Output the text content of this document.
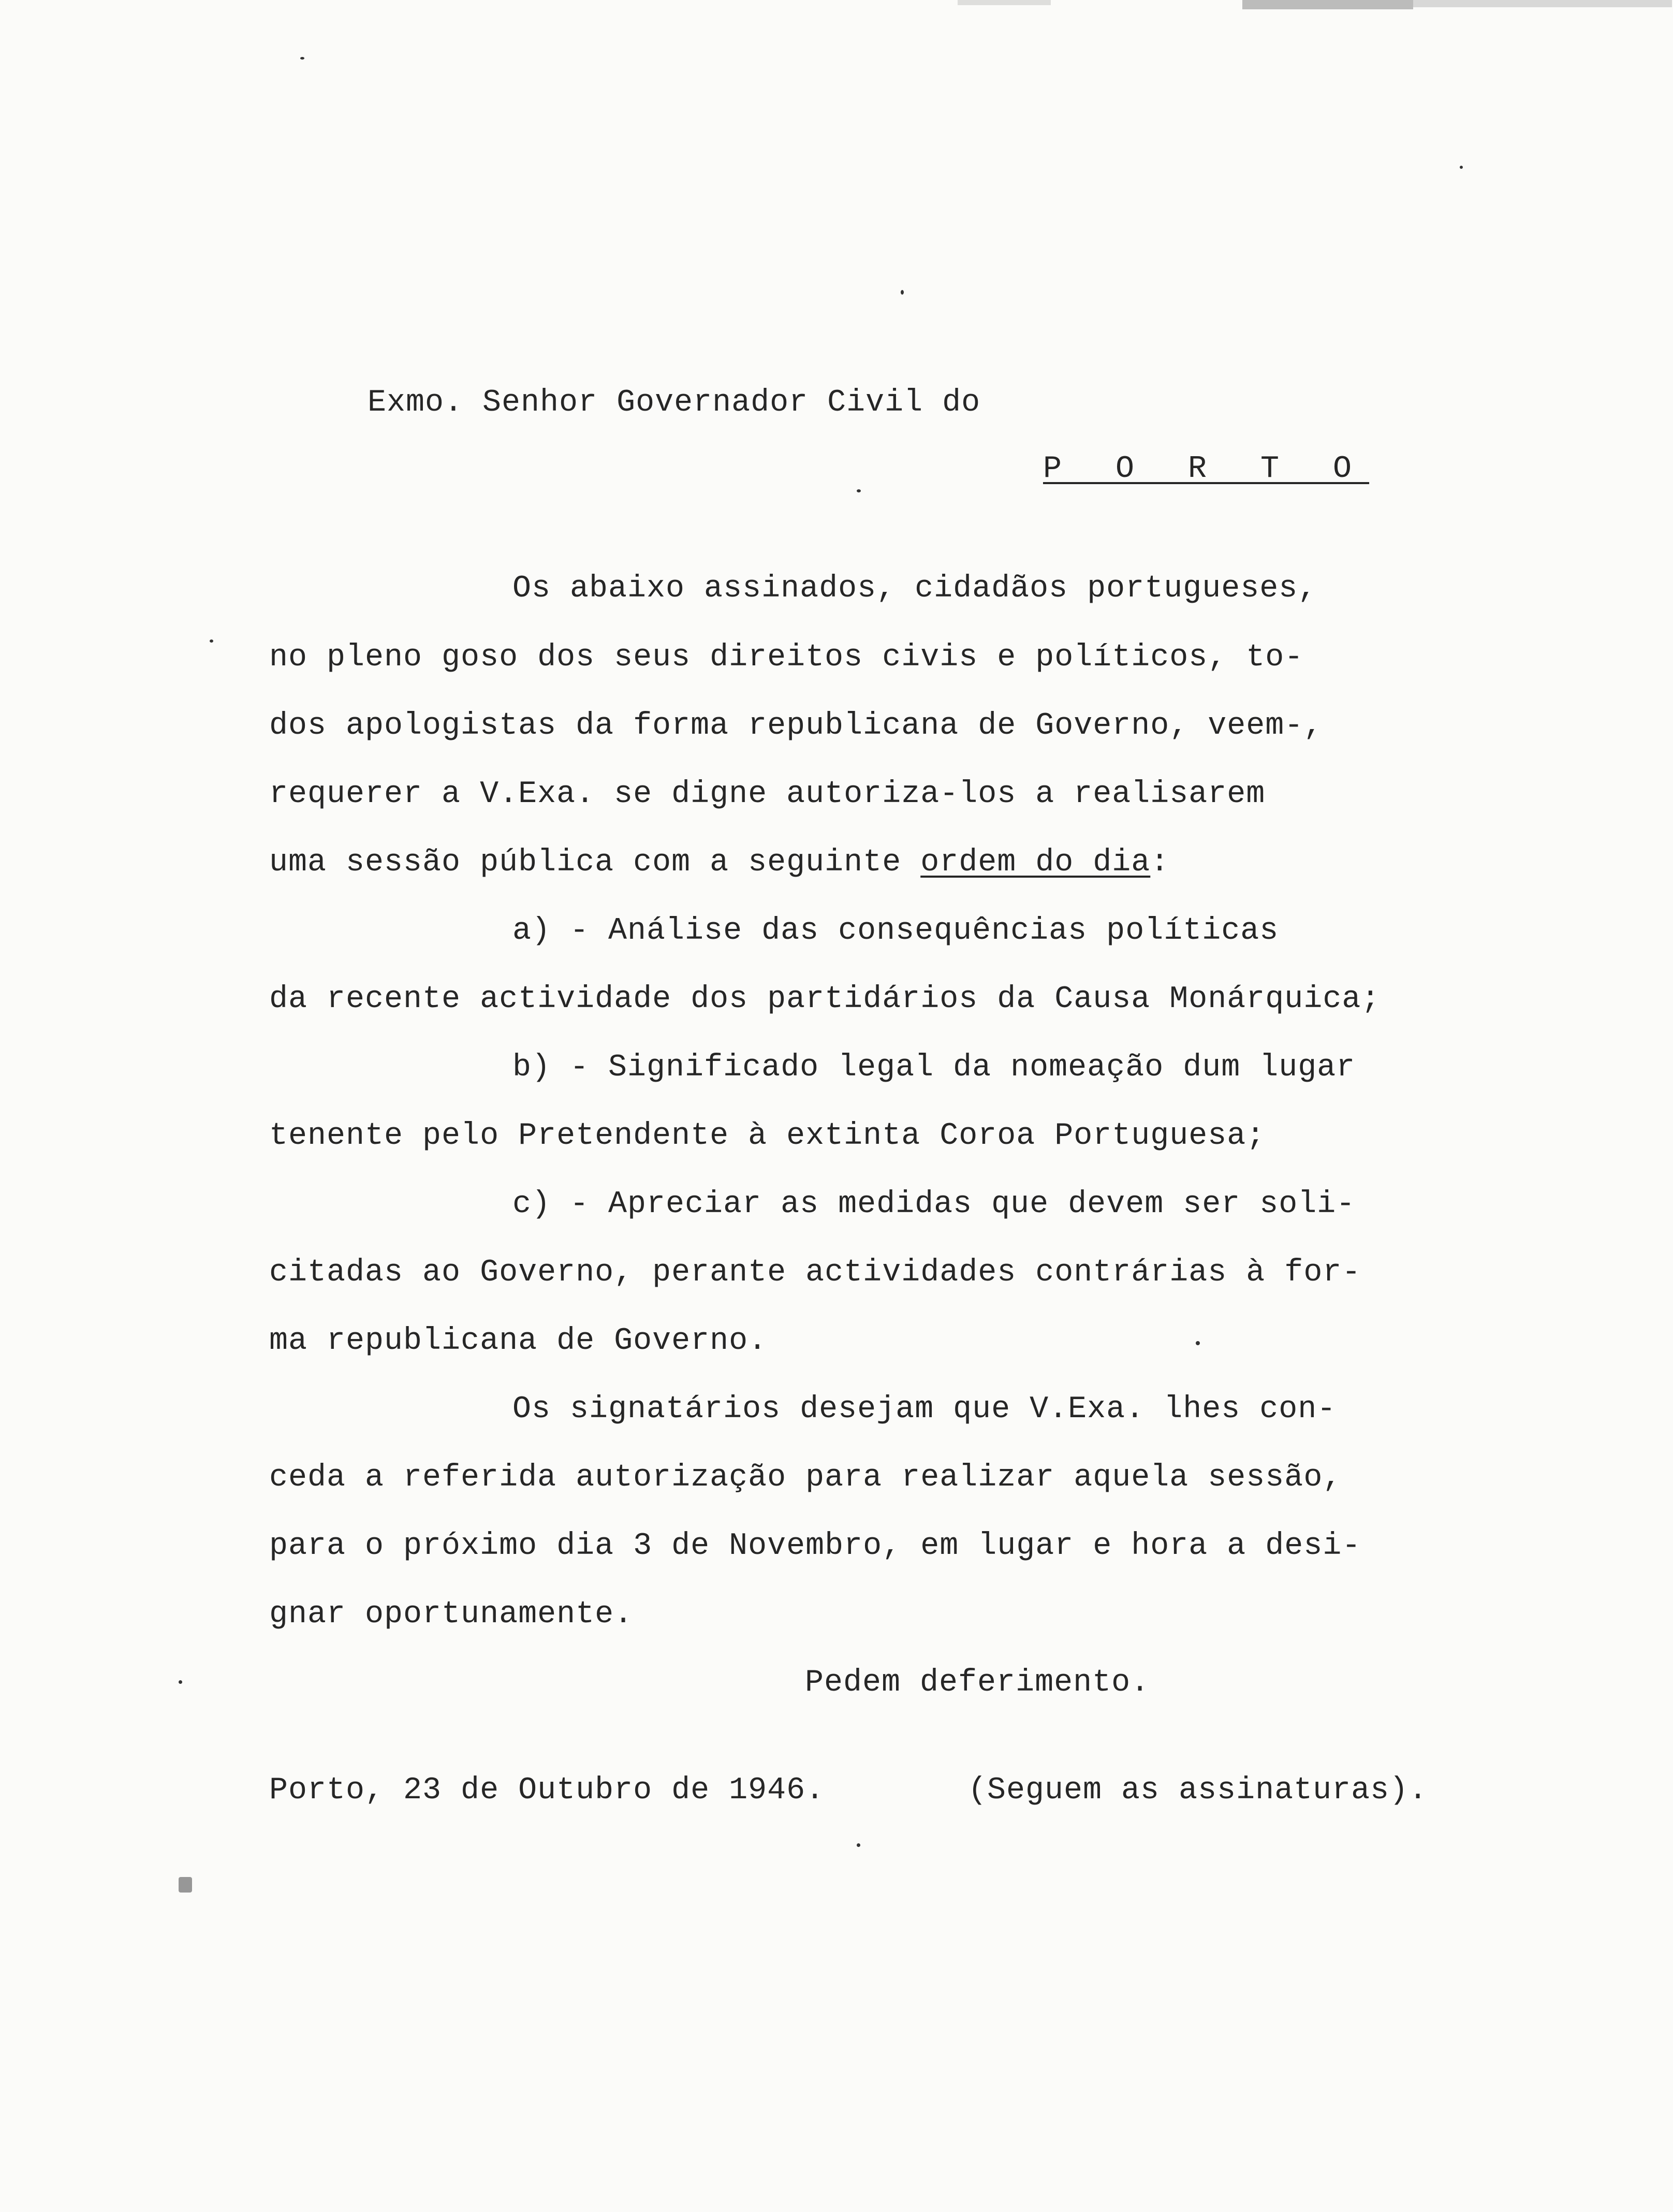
Exmo. Senhor Governador Civil do
P O R T O
Os abaixo assinados, cidadãos portugueses,
no pleno goso dos seus direitos civis e políticos, to-
dos apologistas da forma republicana de Governo, veem-,
requerer a V.Exa. se digne autoriza-los a realisarem
uma sessão pública com a seguinte ordem do dia:
a) - Análise das consequências políticas
da recente actividade dos partidários da Causa Monárquica;
b) - Significado legal da nomeação dum lugar
tenente pelo Pretendente à extinta Coroa Portuguesa;
c) - Apreciar as medidas que devem ser soli-
citadas ao Governo, perante actividades contrárias à for-
ma republicana de Governo.
Os signatários desejam que V.Exa. lhes con-
ceda a referida autorização para realizar aquela sessão,
para o próximo dia 3 de Novembro, em lugar e hora a desi-
gnar oportunamente.
Pedem deferimento.
Porto, 23 de Outubro de 1946.	(Seguem as assinaturas).
